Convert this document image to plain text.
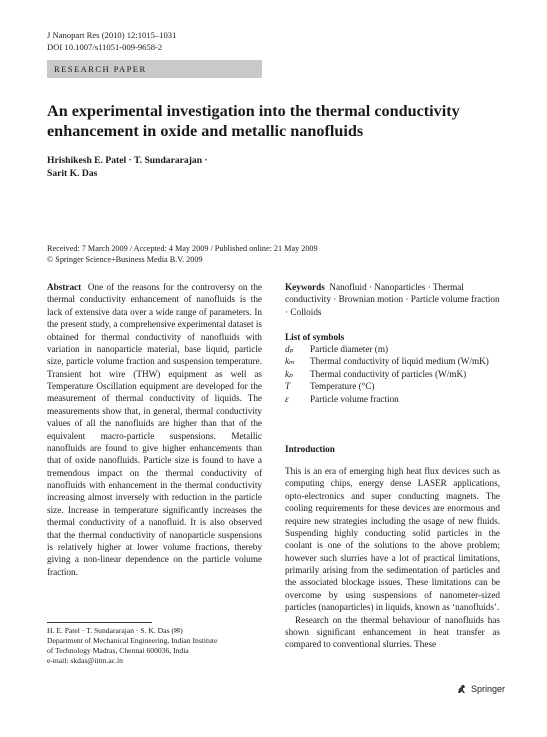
J Nanopart Res (2010) 12:1015–1031
DOI 10.1007/s11051-009-9658-2
RESEARCH PAPER
An experimental investigation into the thermal conductivity enhancement in oxide and metallic nanofluids
Hrishikesh E. Patel · T. Sundararajan ·
Sarit K. Das
Received: 7 March 2009 / Accepted: 4 May 2009 / Published online: 21 May 2009
© Springer Science+Business Media B.V. 2009
Abstract One of the reasons for the controversy on the thermal conductivity enhancement of nanofluids is the lack of extensive data over a wide range of parameters. In the present study, a comprehensive experimental dataset is obtained for thermal conductivity of nanofluids with variation in nanoparticle material, base liquid, particle size, particle volume fraction and suspension temperature. Transient hot wire (THW) equipment as well as Temperature Oscillation equipment are developed for the measurement of thermal conductivity of liquids. The measurements show that, in general, thermal conductivity values of all the nanofluids are higher than that of the equivalent macro-particle suspensions. Metallic nanofluids are found to give higher enhancements than that of oxide nanofluids. Particle size is found to have a tremendous impact on the thermal conductivity of nanofluids with enhancement in the thermal conductivity increasing almost inversely with reduction in the particle size. Increase in temperature significantly increases the thermal conductivity of a nanofluid. It is also observed that the thermal conductivity of nanoparticle suspensions is relatively higher at lower volume fractions, thereby giving a non-linear dependence on the particle volume fraction.
H. E. Patel · T. Sundararajan · S. K. Das (✉)
Department of Mechanical Engineering, Indian Institute
of Technology Madras, Chennai 600036, India
e-mail: skdas@iitm.ac.in
Keywords Nanofluid · Nanoparticles · Thermal conductivity · Brownian motion · Particle volume fraction · Colloids
List of symbols
dₚ	Particle diameter (m)
kₘ	Thermal conductivity of liquid medium (W/mK)
kₚ	Thermal conductivity of particles (W/mK)
T	Temperature (°C)
ε	Particle volume fraction
Introduction

This is an era of emerging high heat flux devices such as computing chips, energy dense LASER applications, opto-electronics and super conducting magnets. The cooling requirements for these devices are enormous and require new strategies including the usage of new fluids. Suspending highly conducting solid particles in the coolant is one of the solutions to the above problem; however such slurries have a lot of practical limitations, primarily arising from the sedimentation of particles and the associated blockage issues. These limitations can be overcome by using suspensions of nanometer-sized particles (nanoparticles) in liquids, known as ‘nanofluids’.

Research on the thermal behaviour of nanofluids has shown significant enhancement in heat transfer as compared to conventional slurries. These

Springer
